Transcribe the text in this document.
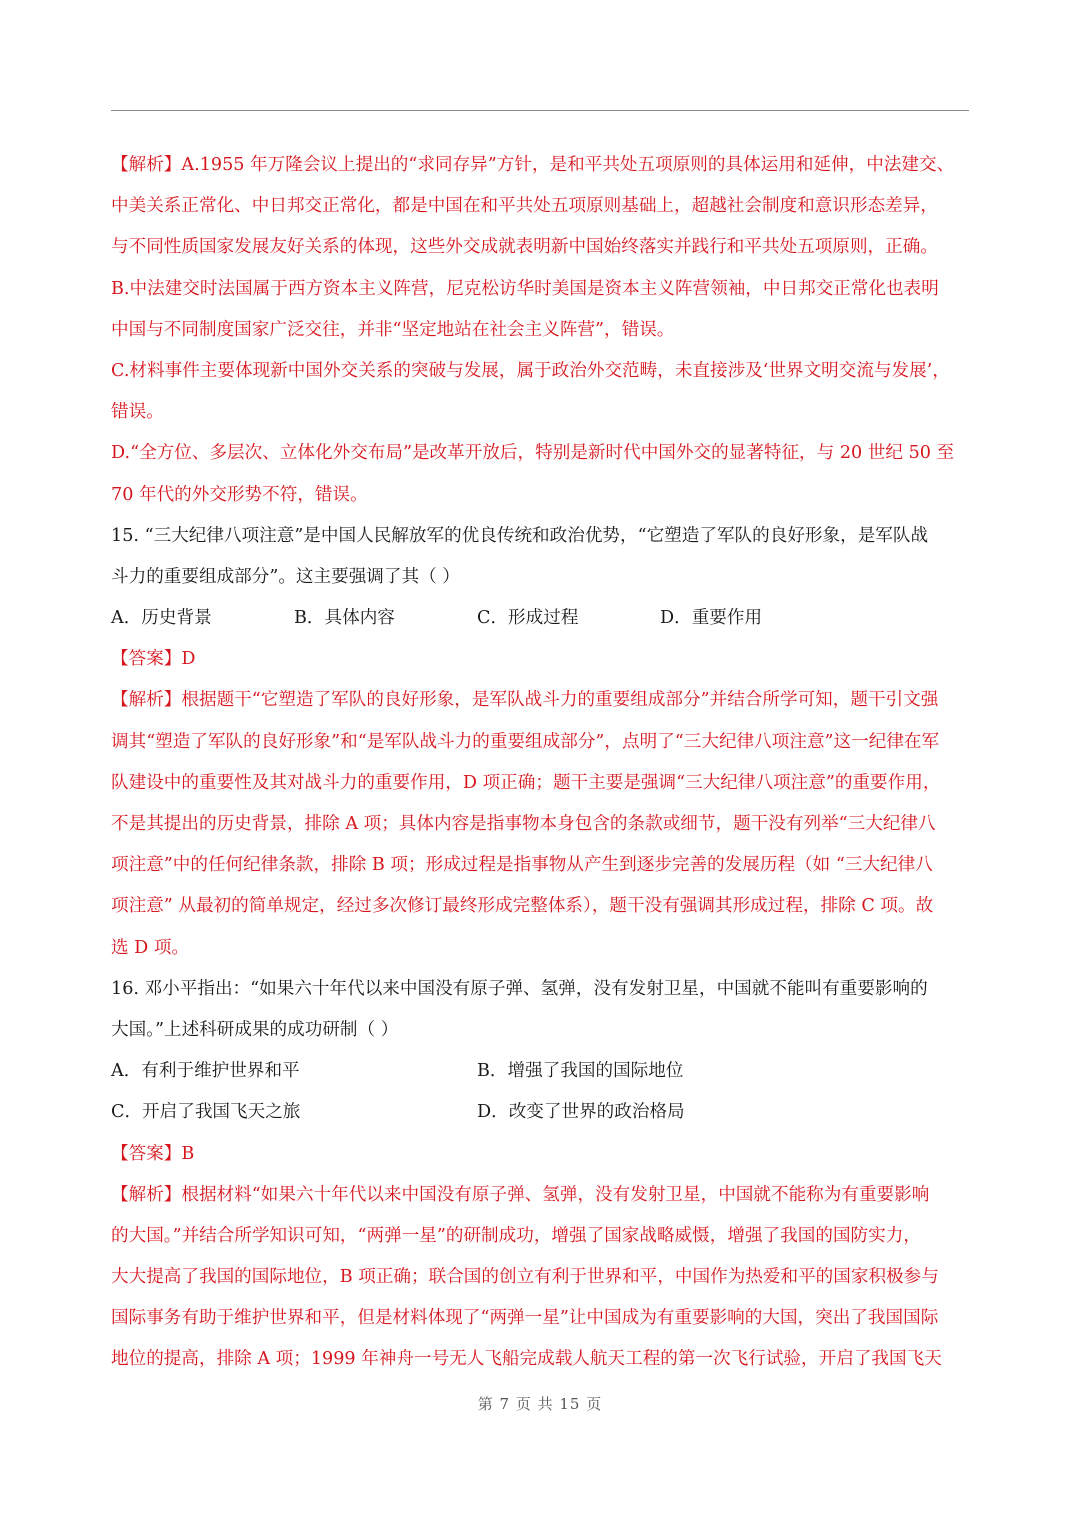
【解析】A.1955 年万隆会议上提出的“求同存异”方针，是和平共处五项原则的具体运用和延伸，中法建交、
中美关系正常化、中日邦交正常化，都是中国在和平共处五项原则基础上，超越社会制度和意识形态差异，
与不同性质国家发展友好关系的体现，这些外交成就表明新中国始终落实并践行和平共处五项原则，正确。
B.中法建交时法国属于西方资本主义阵营，尼克松访华时美国是资本主义阵营领袖，中日邦交正常化也表明
中国与不同制度国家广泛交往，并非“坚定地站在社会主义阵营”，错误。
C.材料事件主要体现新中国外交关系的突破与发展，属于政治外交范畴，未直接涉及‘世界文明交流与发展’，
错误。
D.“全方位、多层次、立体化外交布局”是改革开放后，特别是新时代中国外交的显著特征，与 20 世纪 50 至
70 年代的外交形势不符，错误。
15. “三大纪律八项注意”是中国人民解放军的优良传统和政治优势，“它塑造了军队的良好形象，是军队战
斗力的重要组成部分”。这主要强调了其（ ）
A．历史背景	B．具体内容	C．形成过程	D．重要作用
【答案】D
【解析】根据题干“它塑造了军队的良好形象，是军队战斗力的重要组成部分”并结合所学可知，题干引文强
调其“塑造了军队的良好形象”和“是军队战斗力的重要组成部分”，点明了“三大纪律八项注意”这一纪律在军
队建设中的重要性及其对战斗力的重要作用，D 项正确；题干主要是强调“三大纪律八项注意”的重要作用，
不是其提出的历史背景，排除 A 项；具体内容是指事物本身包含的条款或细节，题干没有列举“三大纪律八
项注意”中的任何纪律条款，排除 B 项；形成过程是指事物从产生到逐步完善的发展历程（如 “三大纪律八
项注意” 从最初的简单规定，经过多次修订最终形成完整体系），题干没有强调其形成过程，排除 C 项。故
选 D 项。
16. 邓小平指出：“如果六十年代以来中国没有原子弹、氢弹，没有发射卫星，中国就不能叫有重要影响的
大国。”上述科研成果的成功研制（ ）
A．有利于维护世界和平	B．增强了我国的国际地位
C．开启了我国飞天之旅	D．改变了世界的政治格局
【答案】B
【解析】根据材料“如果六十年代以来中国没有原子弹、氢弹，没有发射卫星，中国就不能称为有重要影响
的大国。”并结合所学知识可知，“两弹一星”的研制成功，增强了国家战略威慑，增强了我国的国防实力，
大大提高了我国的国际地位，B 项正确；联合国的创立有利于世界和平，中国作为热爱和平的国家积极参与
国际事务有助于维护世界和平，但是材料体现了“两弹一星”让中国成为有重要影响的大国，突出了我国国际
地位的提高，排除 A 项；1999 年神舟一号无人飞船完成载人航天工程的第一次飞行试验，开启了我国飞天
第 7 页 共 15 页
